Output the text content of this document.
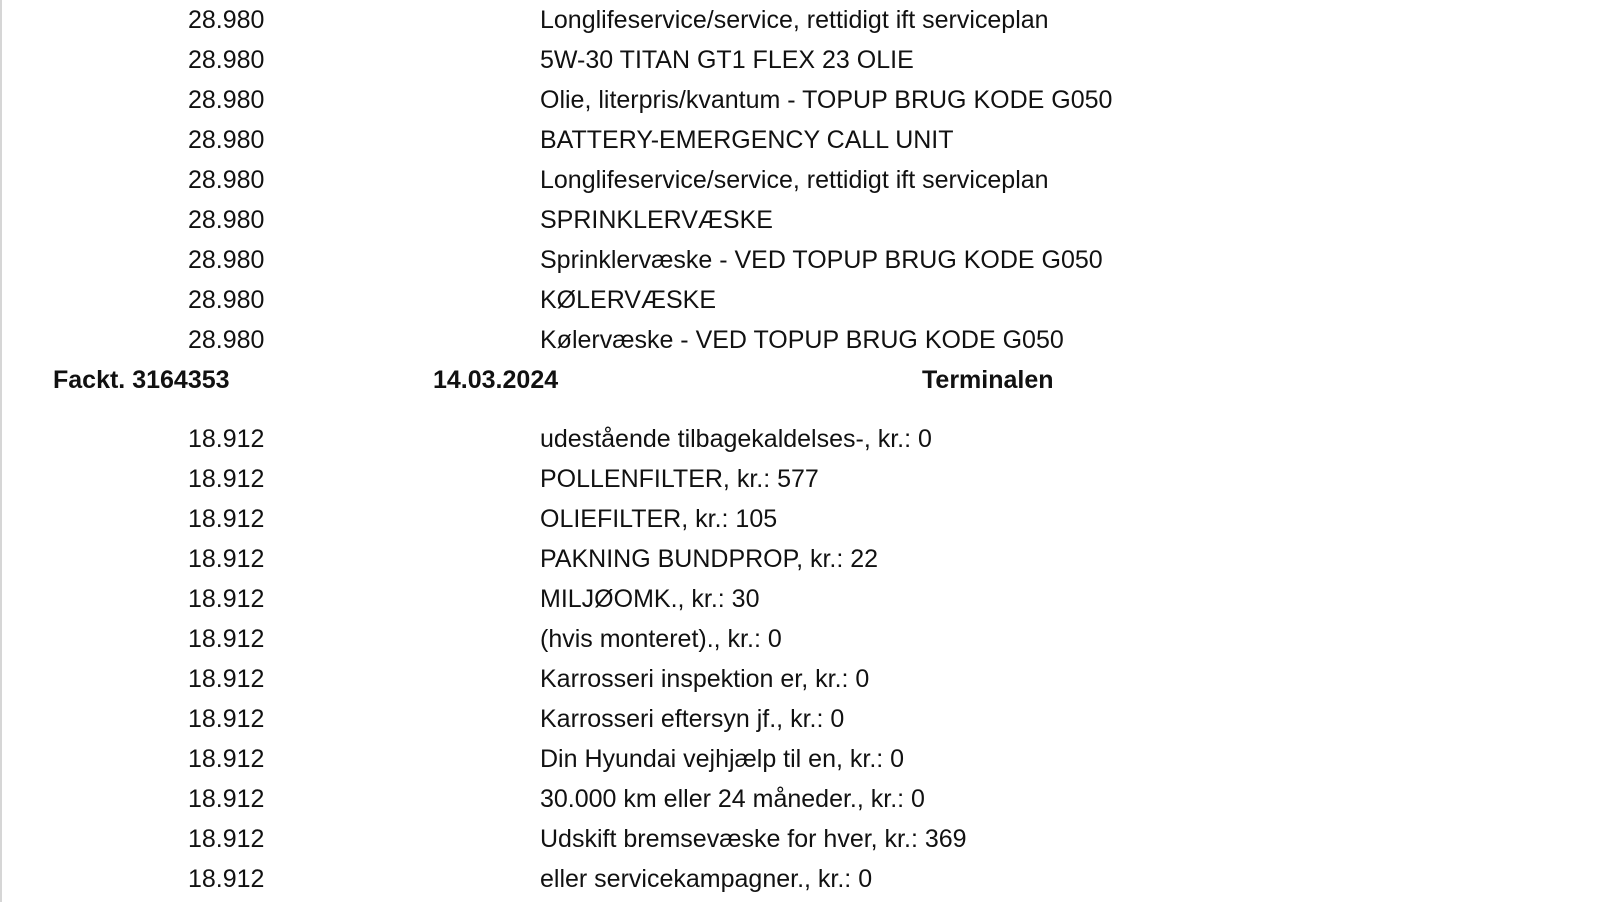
28.980	Longlifeservice/service, rettidigt ift serviceplan
28.980	5W-30 TITAN GT1 FLEX 23 OLIE
28.980	Olie, literpris/kvantum - TOPUP BRUG KODE G050
28.980	BATTERY-EMERGENCY CALL UNIT
28.980	Longlifeservice/service, rettidigt ift serviceplan
28.980	SPRINKLERVÆSKE
28.980	Sprinklervæske - VED TOPUP BRUG KODE G050
28.980	KØLERVÆSKE
28.980	Kølervæske - VED TOPUP BRUG KODE G050
Fackt. 3164353	14.03.2024	Terminalen
18.912	udestående tilbagekaldelses-, kr.: 0
18.912	POLLENFILTER, kr.: 577
18.912	OLIEFILTER, kr.: 105
18.912	PAKNING BUNDPROP, kr.: 22
18.912	MILJØOMK., kr.: 30
18.912	(hvis monteret)., kr.: 0
18.912	Karrosseri inspektion er, kr.: 0
18.912	Karrosseri eftersyn jf., kr.: 0
18.912	Din Hyundai vejhjælp til en, kr.: 0
18.912	30.000 km eller 24 måneder., kr.: 0
18.912	Udskift bremsevæske for hver, kr.: 369
18.912	eller servicekampagner., kr.: 0
